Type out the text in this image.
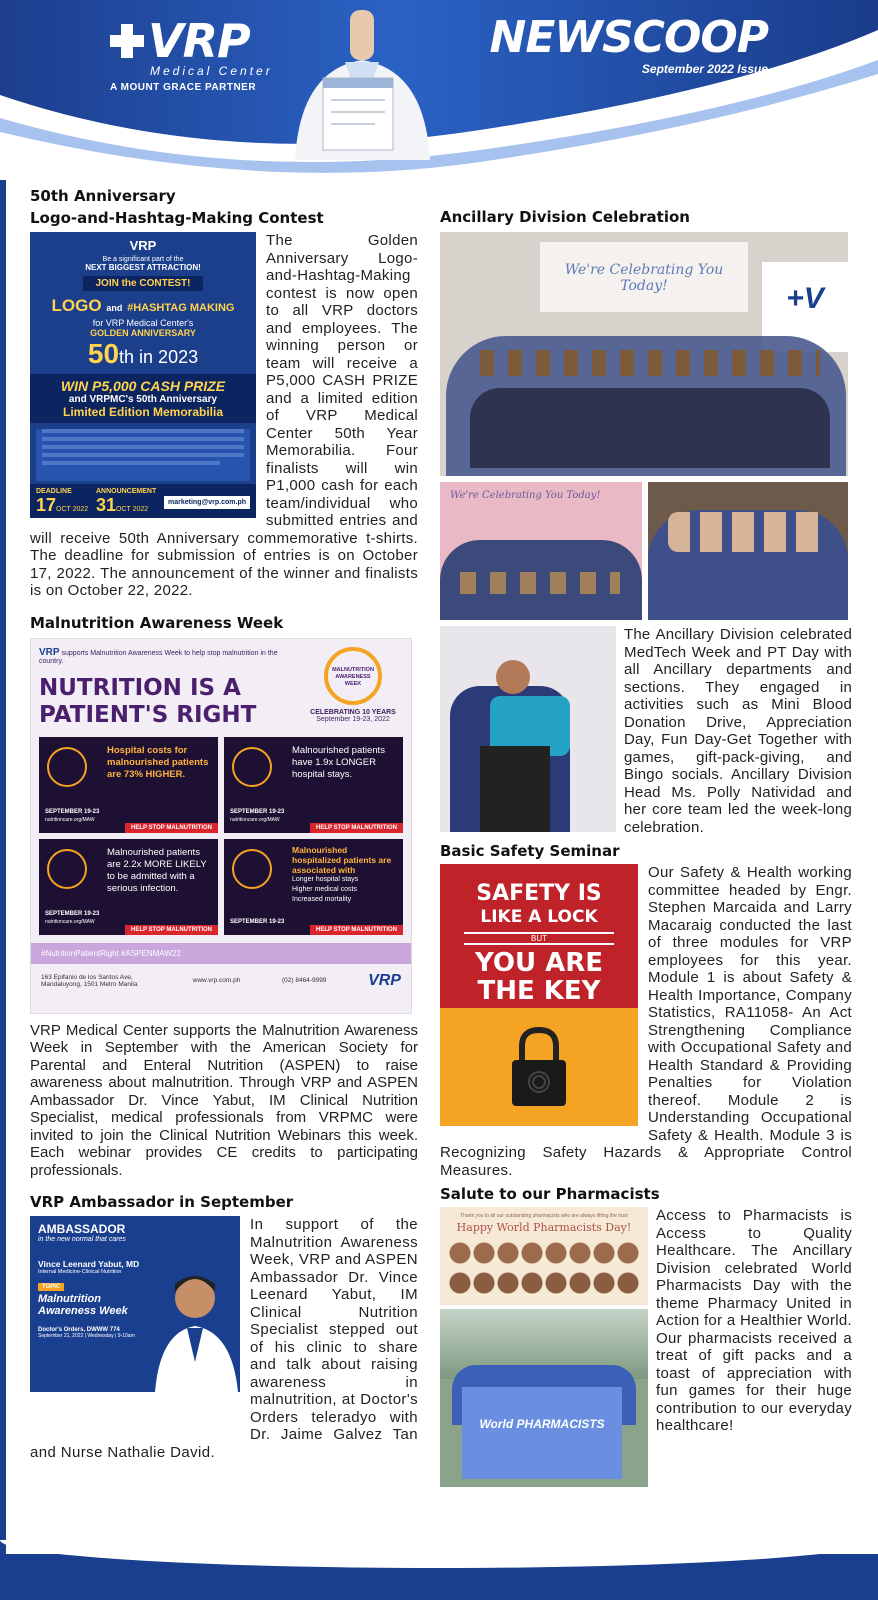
VRP
Medical Center
A MOUNT GRACE PARTNER
NEWSCOOP
September 2022 Issue
50th Anniversary
Logo-and-Hashtag-Making Contest
VRP
Be a significant part of the
NEXT BIGGEST ATTRACTION!
JOIN the CONTEST!
LOGO and #HASHTAG MAKING
for VRP Medical Center's
GOLDEN ANNIVERSARY
50th in 2023
WIN P5,000 CASH PRIZE
and VRPMC's 50th Anniversary
Limited Edition Memorabilia
DEADLINE
17OCT 2022
ANNOUNCEMENT
31OCT 2022
marketing@vrp.com.ph

The Golden Anniversary Logo-and-Hashtag-Making contest is now open to all VRP doctors and employees. The winning person or team will receive a P5,000 CASH PRIZE and a limited edition of VRP Medical Center 50th Year Memorabilia. Four finalists will win P1,000 cash for each team/individual who submitted entries and will receive 50th Anniversary commemorative t-shirts. The deadline for submission of entries is on October 17, 2022. The announcement of the winner and finalists is on October 22, 2022.

Malnutrition Awareness Week
VRP supports Malnutrition Awareness Week to help stop malnutrition in the country.
NUTRITION IS A
PATIENT'S RIGHT
MALNUTRITION AWARENESS WEEK
CELEBRATING 10 YEARS
September 19-23, 2022
Hospital costs for malnourished patients are 73% HIGHER.
SEPTEMBER 19-23
nutritioncare.org/MAW
HELP STOP MALNUTRITION
Malnourished patients have 1.9x LONGER hospital stays.
SEPTEMBER 19-23
nutritioncare.org/MAW
HELP STOP MALNUTRITION
Malnourished patients are 2.2x MORE LIKELY to be admitted with a serious infection.
SEPTEMBER 19-23
nutritioncare.org/MAW
HELP STOP MALNUTRITION
Malnourished hospitalized patients are associated with
Longer hospital stays
Higher medical costs
Increased mortality
SEPTEMBER 19-23
HELP STOP MALNUTRITION
#NutritionPatientRight #ASPENMAW22
163 Epifanio de los Santos Ave, Mandaluyong, 1501 Metro Manila	www.vrp.com.ph	(02) 8464-9999	VRP

VRP Medical Center supports the Malnutrition Awareness Week in September with the American Society for Parental and Enteral Nutrition (ASPEN) to raise awareness about malnutrition. Through VRP and ASPEN Ambassador Dr. Vince Yabut, IM Clinical Nutrition Specialist, medical professionals from VRPMC were invited to join the Clinical Nutrition Webinars this week. Each webinar provides CE credits to participating professionals.

VRP Ambassador in September
AMBASSADOR
in the new normal that cares
Vince Leenard Yabut, MD
Internal Medicine-Clinical Nutrition
TOPIC
Malnutrition Awareness Week
Doctor's Orders, DWWW 774
September 21, 2022 | Wednesday | 9-10am

In support of the Malnutrition Awareness Week, VRP and ASPEN Ambassador Dr. Vince Leenard Yabut, IM Clinical Nutrition Specialist stepped out of his clinic to share and talk about raising awareness in malnutrition, at Doctor's Orders teleradyo with Dr. Jaime Galvez Tan and Nurse Nathalie David.

Ancillary Division Celebration
We're Celebrating You Today!	+V
We're Celebrating You Today!

The Ancillary Division celebrated MedTech Week and PT Day with all Ancillary departments and sections. They engaged in activities such as Mini Blood Donation Drive, Appreciation Day, Fun Day-Get Together with games, gift-pack-giving, and Bingo socials. Ancillary Division Head Ms. Polly Natividad and her core team led the week-long celebration.

Basic Safety Seminar
SAFETY IS
LIKE A LOCK
BUT
YOU ARE
THE KEY

Our Safety & Health working committee headed by Engr. Stephen Marcaida and Larry Macaraig conducted the last of three modules for VRP employees for this year. Module 1 is about Safety & Health Importance, Company Statistics, RA11058- An Act Strengthening Compliance with Occupational Safety and Health Standard & Providing Penalties for Violation thereof. Module 2 is Understanding Occupational Safety & Health. Module 3 is Recognizing Safety Hazards & Appropriate Control Measures.

Salute to our Pharmacists
Thank you to all our outstanding pharmacists who are always lifting the trust
Happy World Pharmacists Day!
World PHARMACISTS

Access to Pharmacists is Access to Quality Healthcare. The Ancillary Division celebrated World Pharmacists Day with the theme Pharmacy United in Action for a Healthier World. Our pharmacists received a treat of gift packs and a toast of appreciation with fun games for their huge contribution to our everyday healthcare!
